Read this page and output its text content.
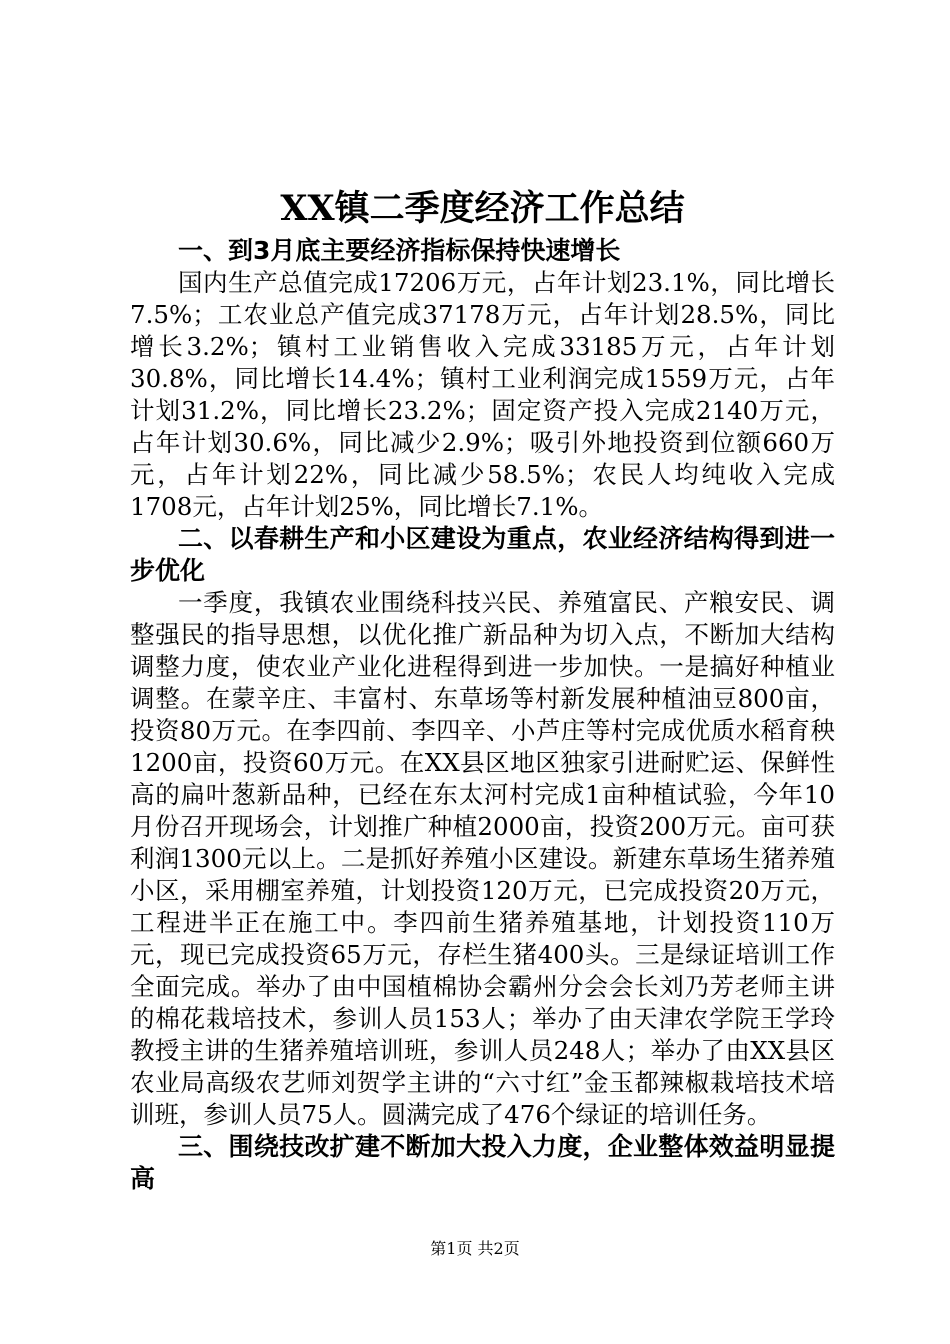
XX镇二季度经济工作总结
一、到3月底主要经济指标保持快速增长

国内生产总值完成17206万元，占年计划23.1%，同比增长7.5%；工农业总产值完成37178万元，占年计划28.5%，同比增长3.2%；镇村工业销售收入完成33185万元，占年计划30.8%，同比增长14.4%；镇村工业利润完成1559万元，占年计划31.2%，同比增长23.2%；固定资产投入完成2140万元，占年计划30.6%，同比减少2.9%；吸引外地投资到位额660万元，占年计划22%，同比减少58.5%；农民人均纯收入完成1708元，占年计划25%，同比增长7.1%。

二、以春耕生产和小区建设为重点，农业经济结构得到进一步优化

一季度，我镇农业围绕科技兴民、养殖富民、产粮安民、调整强民的指导思想，以优化推广新品种为切入点，不断加大结构调整力度，使农业产业化进程得到进一步加快。一是搞好种植业调整。在蒙辛庄、丰富村、东草场等村新发展种植油豆800亩，投资80万元。在李四前、李四辛、小芦庄等村完成优质水稻育秧1200亩，投资60万元。在XX县区地区独家引进耐贮运、保鲜性高的扁叶葱新品种，已经在东太河村完成1亩种植试验，今年10月份召开现场会，计划推广种植2000亩，投资200万元。亩可获利润1300元以上。二是抓好养殖小区建设。新建东草场生猪养殖小区，采用棚室养殖，计划投资120万元，已完成投资20万元，工程进半正在施工中。李四前生猪养殖基地，计划投资110万元，现已完成投资65万元，存栏生猪400头。三是绿证培训工作全面完成。举办了由中国植棉协会霸州分会会长刘乃芳老师主讲的棉花栽培技术，参训人员153人；举办了由天津农学院王学玲教授主讲的生猪养殖培训班，参训人员248人；举办了由XX县区农业局高级农艺师刘贺学主讲的“六寸红”金玉都辣椒栽培技术培训班，参训人员75人。圆满完成了476个绿证的培训任务。

三、围绕技改扩建不断加大投入力度，企业整体效益明显提高
第1页 共2页
